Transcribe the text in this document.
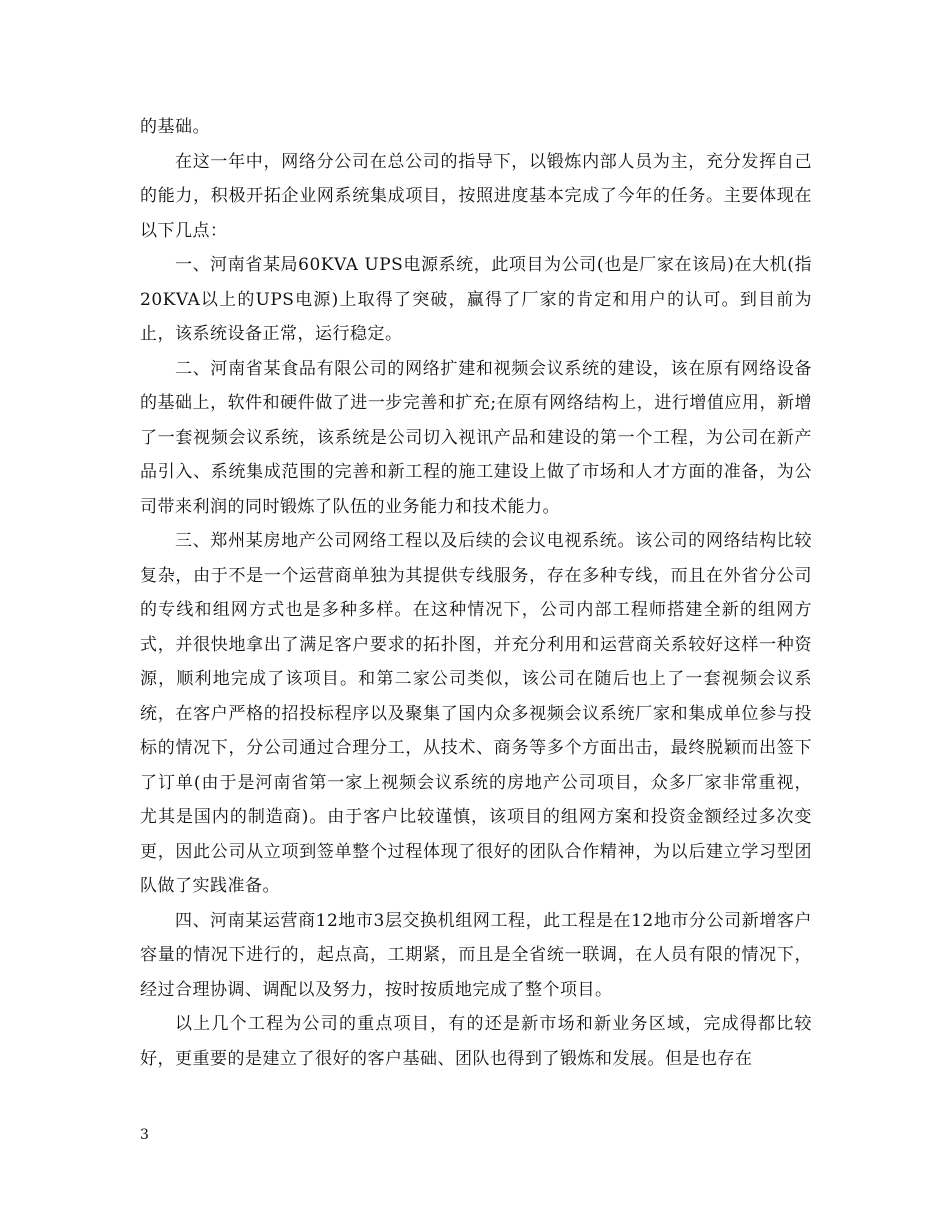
的基础。

在这一年中，网络分公司在总公司的指导下，以锻炼内部人员为主，充分发挥自己的能力，积极开拓企业网系统集成项目，按照进度基本完成了今年的任务。主要体现在以下几点：

一、河南省某局60KVA UPS电源系统，此项目为公司(也是厂家在该局)在大机(指20KVA以上的UPS电源)上取得了突破，赢得了厂家的肯定和用户的认可。到目前为止，该系统设备正常，运行稳定。

二、河南省某食品有限公司的网络扩建和视频会议系统的建设，该在原有网络设备的基础上，软件和硬件做了进一步完善和扩充;在原有网络结构上，进行增值应用，新增了一套视频会议系统，该系统是公司切入视讯产品和建设的第一个工程，为公司在新产品引入、系统集成范围的完善和新工程的施工建设上做了市场和人才方面的准备，为公司带来利润的同时锻炼了队伍的业务能力和技术能力。

三、郑州某房地产公司网络工程以及后续的会议电视系统。该公司的网络结构比较复杂，由于不是一个运营商单独为其提供专线服务，存在多种专线，而且在外省分公司的专线和组网方式也是多种多样。在这种情况下，公司内部工程师搭建全新的组网方式，并很快地拿出了满足客户要求的拓扑图，并充分利用和运营商关系较好这样一种资源，顺利地完成了该项目。和第二家公司类似，该公司在随后也上了一套视频会议系统，在客户严格的招投标程序以及聚集了国内众多视频会议系统厂家和集成单位参与投标的情况下，分公司通过合理分工，从技术、商务等多个方面出击，最终脱颖而出签下了订单(由于是河南省第一家上视频会议系统的房地产公司项目，众多厂家非常重视，尤其是国内的制造商)。由于客户比较谨慎，该项目的组网方案和投资金额经过多次变更，因此公司从立项到签单整个过程体现了很好的团队合作精神，为以后建立学习型团队做了实践准备。

四、河南某运营商12地市3层交换机组网工程，此工程是在12地市分公司新增客户容量的情况下进行的，起点高，工期紧，而且是全省统一联调，在人员有限的情况下，经过合理协调、调配以及努力，按时按质地完成了整个项目。

以上几个工程为公司的重点项目，有的还是新市场和新业务区域，完成得都比较好，更重要的是建立了很好的客户基础、团队也得到了锻炼和发展。但是也存在

3
